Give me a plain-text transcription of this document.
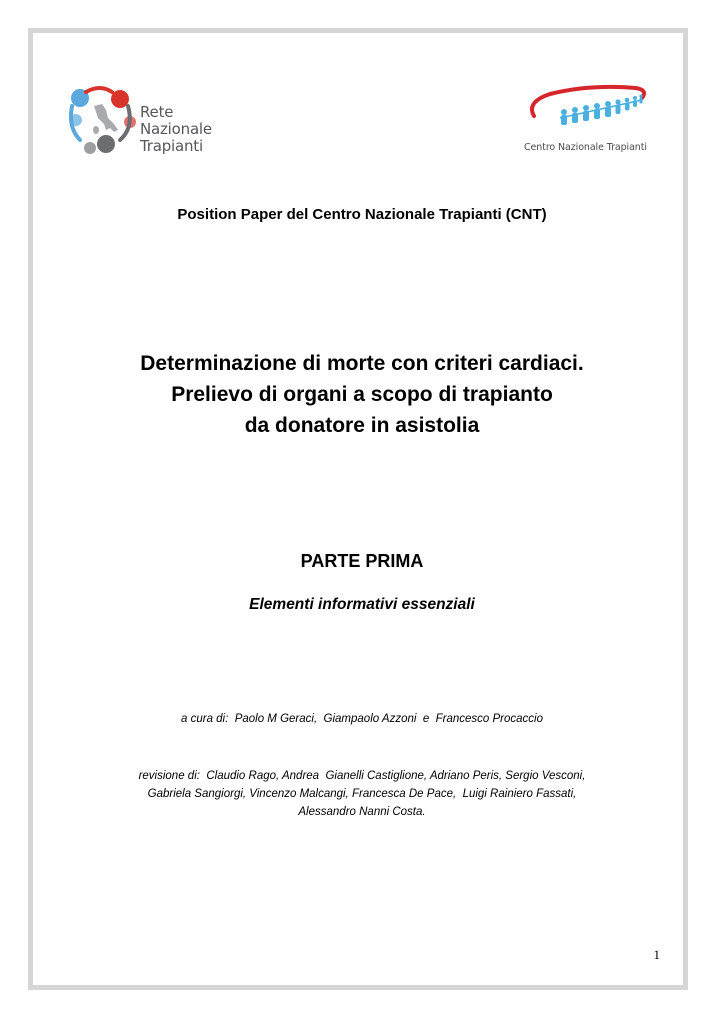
Rete
Nazionale
Trapianti	Centro Nazionale Trapianti
Position Paper del Centro Nazionale Trapianti (CNT)
Determinazione di morte con criteri cardiaci.
Prelievo di organi a scopo di trapianto
da donatore in asistolia
PARTE PRIMA
Elementi informativi essenziali
a cura di:  Paolo M Geraci,  Giampaolo Azzoni  e  Francesco Procaccio
revisione di:  Claudio Rago, Andrea  Gianelli Castiglione, Adriano Peris, Sergio Vesconi,
Gabriela Sangiorgi, Vincenzo Malcangi, Francesca De Pace,  Luigi Rainiero Fassati,
Alessandro Nanni Costa.
1
